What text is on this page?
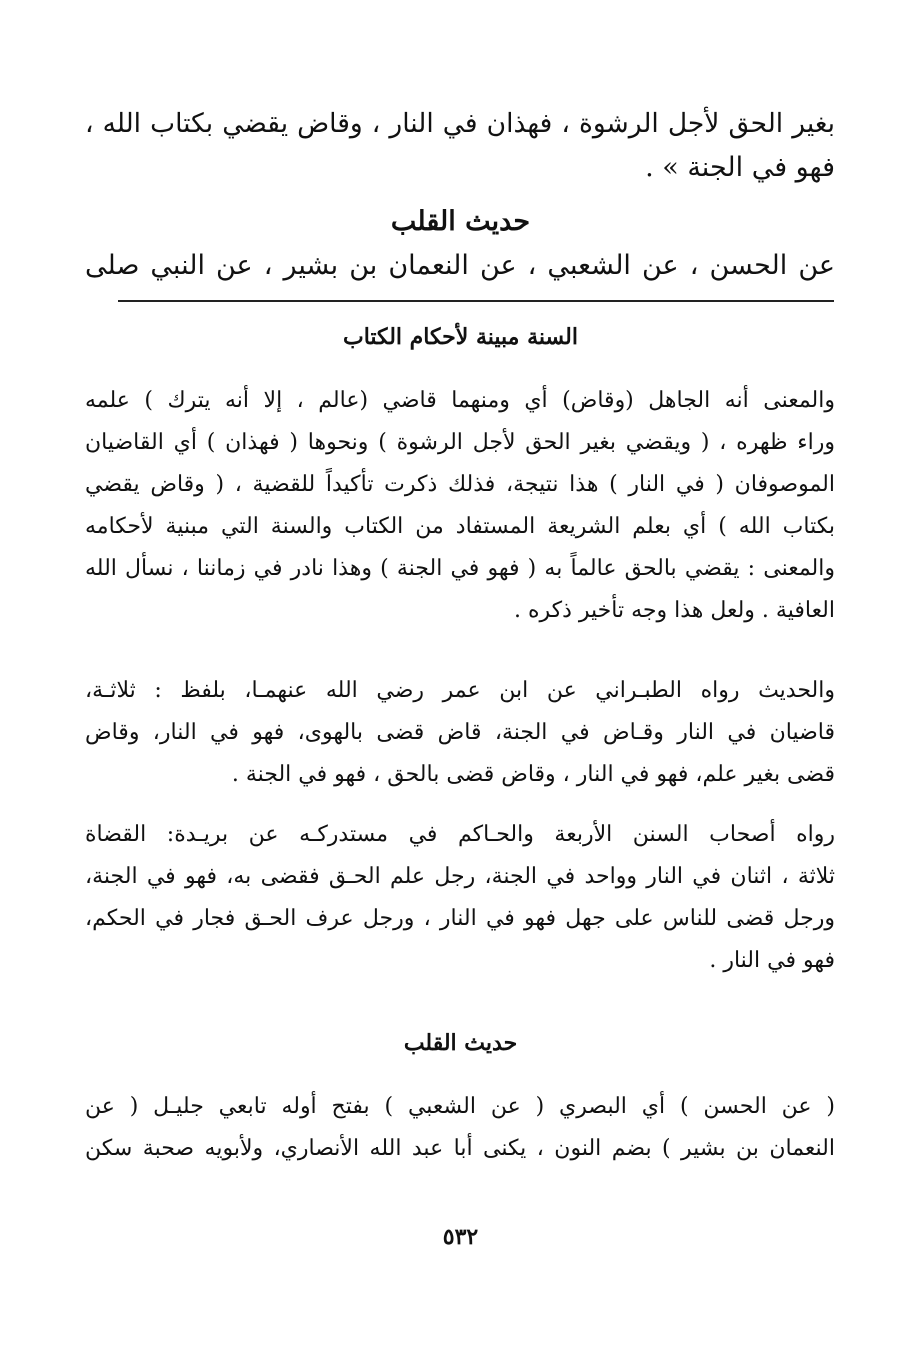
بغير الحق لأجل الرشوة ، فهذان في النار ، وقاض يقضي بكتاب الله ،
فهو في الجنة » .
حديث القلب
عن الحسن ، عن الشعبي ، عن النعمان بن بشير ، عن النبي صلى
السنة مبينة لأحكام الكتاب
والمعنى أنه الجاهل (وقاض) أي ومنهما قاضي (عالم ، إلا أنه يترك ) علمه
وراء ظهره ، ( ويقضي بغير الحق لأجل الرشوة ) ونحوها ( فهذان ) أي القاضيان
الموصوفان ( في النار ) هذا نتيجة، فذلك ذكرت تأكيداً للقضية ، ( وقاض يقضي
بكتاب الله ) أي بعلم الشريعة المستفاد من الكتاب والسنة التي مبنية لأحكامه
والمعنى : يقضي بالحق عالماً به ( فهو في الجنة ) وهذا نادر في زماننا ، نسأل الله
العافية . ولعل هذا وجه تأخير ذكره .
والحديث رواه الطبـراني عن ابن عمر رضي الله عنهمـا، بلفظ : ثلاثـة،
قاضيان في النار وقـاض في الجنة، قاض قضى بالهوى، فهو في النار، وقاض
قضى بغير علم، فهو في النار ، وقاض قضى بالحق ، فهو في الجنة .
رواه أصحاب السنن الأربعة والحـاكم في مستدركـه عن بريـدة: القضاة
ثلاثة ، اثنان في النار وواحد في الجنة، رجل علم الحـق فقضى به، فهو في الجنة،
ورجل قضى للناس على جهل فهو في النار ، ورجل عرف الحـق فجار في الحكم،
فهو في النار .
حديث القلب
( عن الحسن ) أي البصري ( عن الشعبي ) بفتح أوله تابعي جليـل ( عن
النعمان بن بشير ) بضم النون ، يكنى أبا عبد الله الأنصاري، ولأبويه صحبة سكن
٥٣٢
